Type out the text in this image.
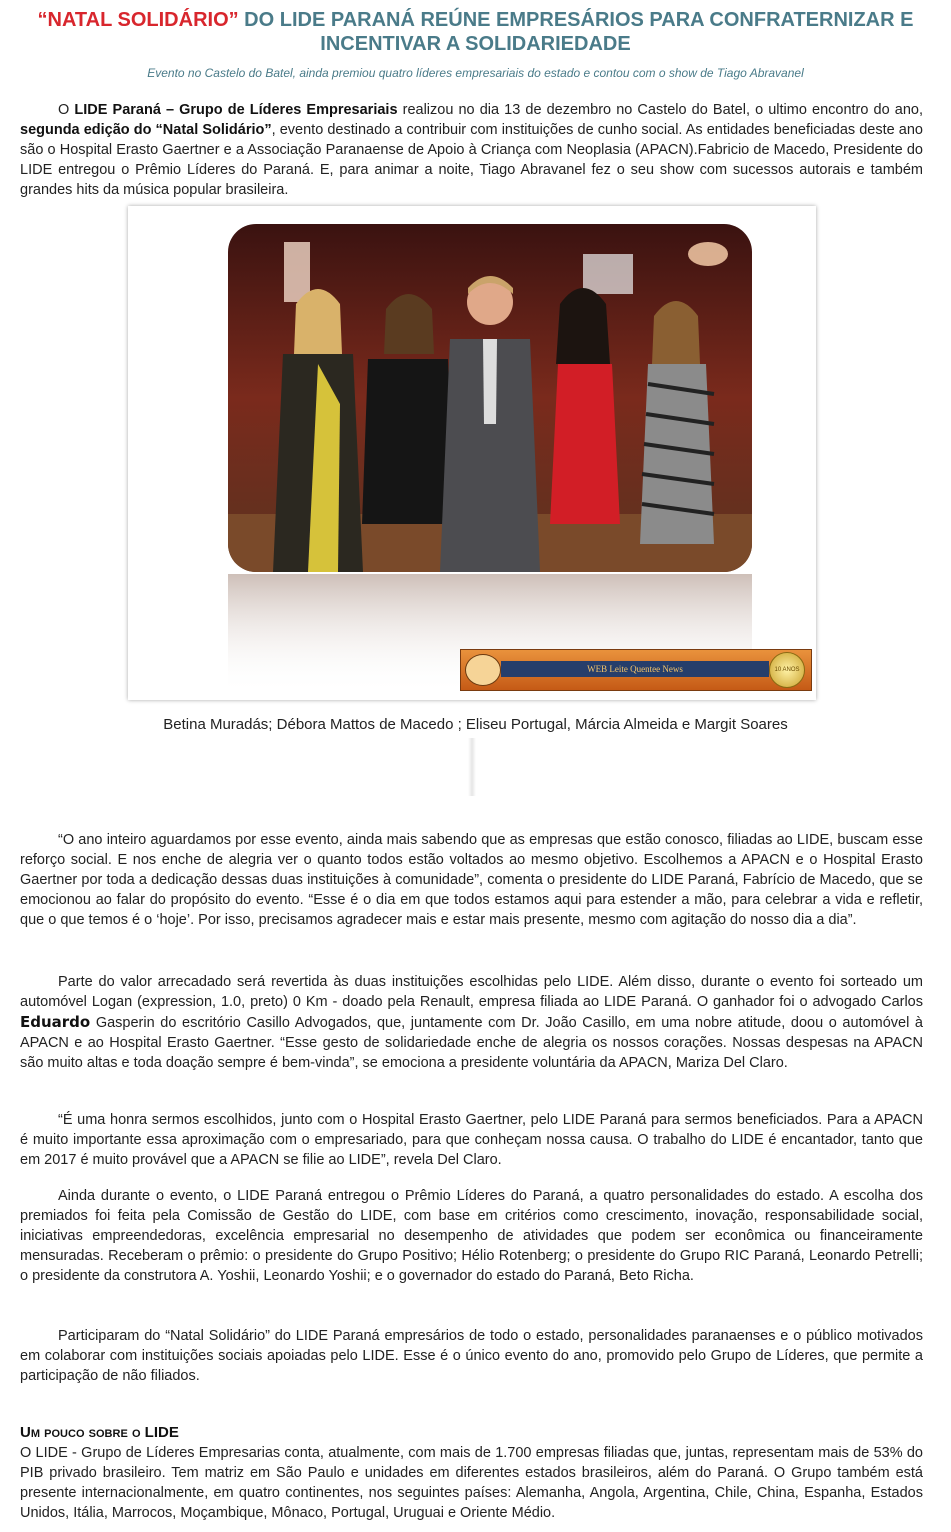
“NATAL SOLIDÁRIO” DO LIDE PARANÁ REÚNE EMPRESÁRIOS PARA CONFRATERNIZAR E INCENTIVAR A SOLIDARIEDADE
Evento no Castelo do Batel, ainda premiou quatro líderes empresariais do estado e contou com o show de Tiago Abravanel

O LIDE Paraná – Grupo de Líderes Empresariais realizou no dia 13 de dezembro no Castelo do Batel, o ultimo encontro do ano, segunda edição do “Natal Solidário”, evento destinado a contribuir com instituições de cunho social. As entidades beneficiadas deste ano são o Hospital Erasto Gaertner e a Associação Paranaense de Apoio à Criança com Neoplasia (APACN).Fabricio de Macedo, Presidente do LIDE entregou o Prêmio Líderes do Paraná. E, para animar a noite, Tiago Abravanel fez o seu show com sucessos autorais e também grandes hits da música popular brasileira.

WEB Leite Quentee News	10 ANOS
Betina Muradás; Débora Mattos de Macedo ; Eliseu Portugal, Márcia Almeida e Margit Soares

“O ano inteiro aguardamos por esse evento, ainda mais sabendo que as empresas que estão conosco, filiadas ao LIDE, buscam esse reforço social. E nos enche de alegria ver o quanto todos estão voltados ao mesmo objetivo. Escolhemos a APACN e o Hospital Erasto Gaertner por toda a dedicação dessas duas instituições à comunidade”, comenta o presidente do LIDE Paraná, Fabrício de Macedo, que se emocionou ao falar do propósito do evento. “Esse é o dia em que todos estamos aqui para estender a mão, para celebrar a vida e refletir, que o que temos é o ‘hoje’. Por isso, precisamos agradecer mais e estar mais presente, mesmo com agitação do nosso dia a dia”.

Parte do valor arrecadado será revertida às duas instituições escolhidas pelo LIDE. Além disso, durante o evento foi sorteado um automóvel Logan (expression, 1.0, preto) 0 Km - doado pela Renault, empresa filiada ao LIDE Paraná. O ganhador foi o advogado Carlos Eduardo Gasperin do escritório Casillo Advogados, que, juntamente com Dr. João Casillo, em uma nobre atitude, doou o automóvel à APACN e ao Hospital Erasto Gaertner. “Esse gesto de solidariedade enche de alegria os nossos corações. Nossas despesas na APACN são muito altas e toda doação sempre é bem-vinda”, se emociona a presidente voluntária da APACN, Mariza Del Claro.

“É uma honra sermos escolhidos, junto com o Hospital Erasto Gaertner, pelo LIDE Paraná para sermos beneficiados. Para a APACN é muito importante essa aproximação com o empresariado, para que conheçam nossa causa. O trabalho do LIDE é encantador, tanto que em 2017 é muito provável que a APACN se filie ao LIDE”, revela Del Claro.

Ainda durante o evento, o LIDE Paraná entregou o Prêmio Líderes do Paraná, a quatro personalidades do estado. A escolha dos premiados foi feita pela Comissão de Gestão do LIDE, com base em critérios como crescimento, inovação, responsabilidade social, iniciativas empreendedoras, excelência empresarial no desempenho de atividades que podem ser econômica ou financeiramente mensuradas. Receberam o prêmio: o presidente do Grupo Positivo; Hélio Rotenberg; o presidente do Grupo RIC Paraná, Leonardo Petrelli; o presidente da construtora A. Yoshii, Leonardo Yoshii; e o governador do estado do Paraná, Beto Richa.

Participaram do “Natal Solidário” do LIDE Paraná empresários de todo o estado, personalidades paranaenses e o público motivados em colaborar com instituições sociais apoiadas pelo LIDE. Esse é o único evento do ano, promovido pelo Grupo de Líderes, que permite a participação de não filiados.

Um pouco sobre o LIDE

O LIDE - Grupo de Líderes Empresarias conta, atualmente, com mais de 1.700 empresas filiadas que, juntas, representam mais de 53% do PIB privado brasileiro. Tem matriz em São Paulo e unidades em diferentes estados brasileiros, além do Paraná. O Grupo também está presente internacionalmente, em quatro continentes, nos seguintes países: Alemanha, Angola, Argentina, Chile, China, Espanha, Estados Unidos, Itália, Marrocos, Moçambique, Mônaco, Portugal, Uruguai e Oriente Médio.
